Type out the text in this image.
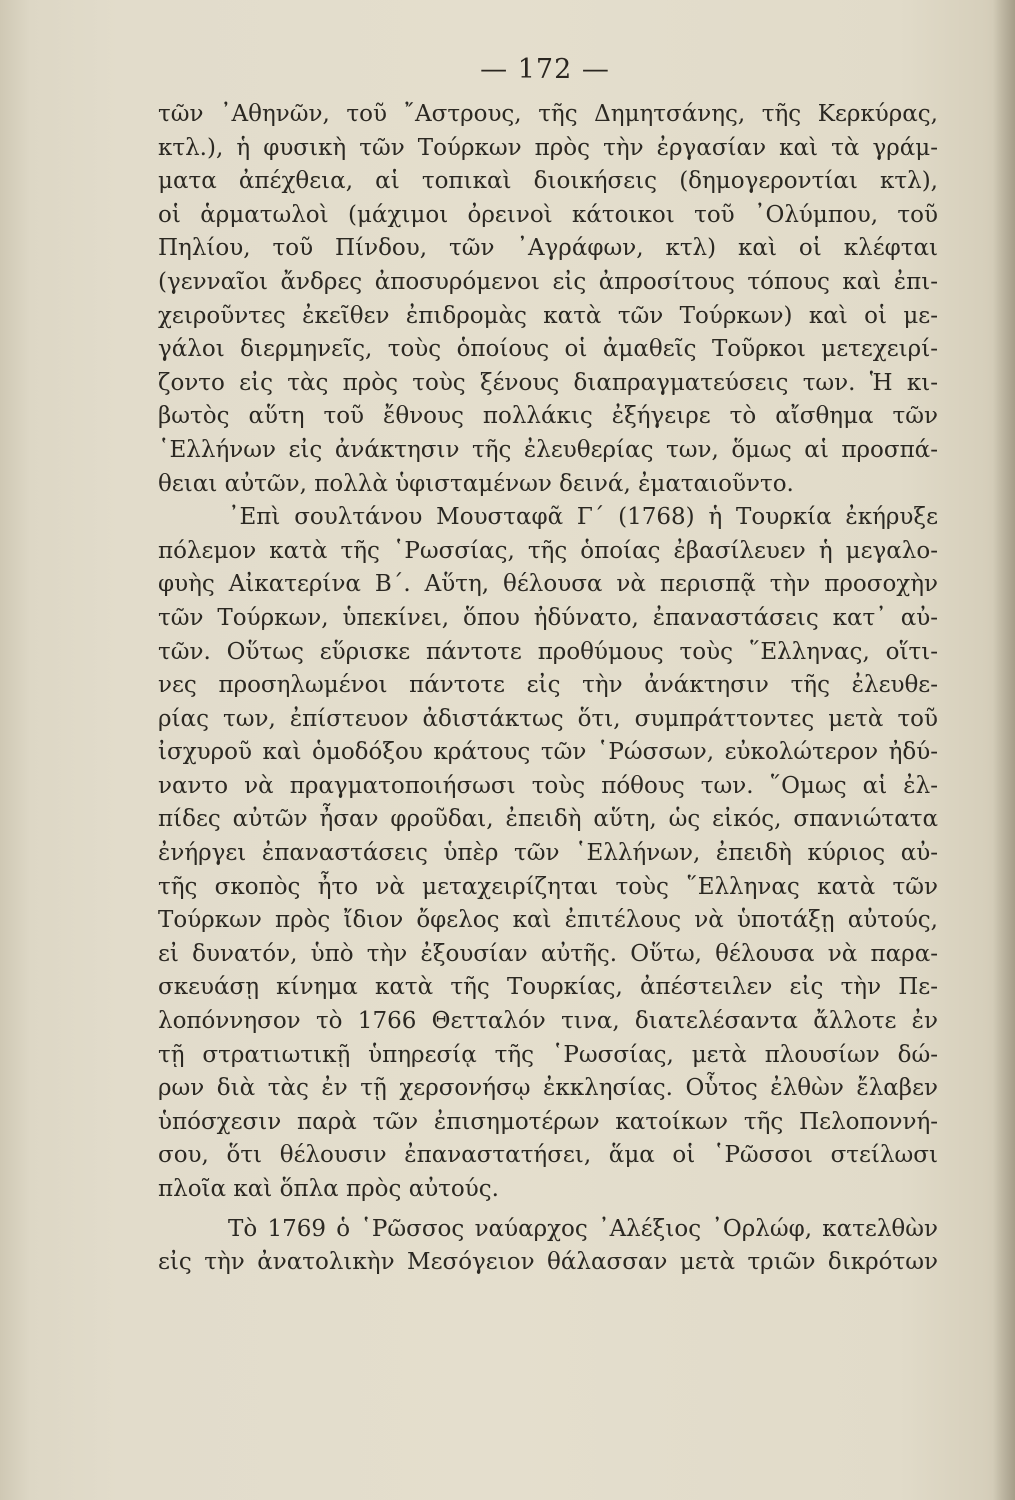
— 172 —
τῶν ᾿Αθηνῶν, τοῦ ῎Αστρους, τῆς Δημητσάνης, τῆς Κερκύρας,
κτλ.), ἡ φυσικὴ τῶν Τούρκων πρὸς τὴν ἐργασίαν καὶ τὰ γράμ-
ματα ἀπέχθεια, αἱ τοπικαὶ διοικήσεις (δημογεροντίαι κτλ),
οἱ ἁρματωλοὶ (μάχιμοι ὀρεινοὶ κάτοικοι τοῦ ᾿Ολύμπου, τοῦ
Πηλίου, τοῦ Πίνδου, τῶν ᾿Αγράφων, κτλ) καὶ οἱ κλέφται
(γενναῖοι ἄνδρες ἀποσυρόμενοι εἰς ἀπροσίτους τόπους καὶ ἐπι-
χειροῦντες ἐκεῖθεν ἐπιδρομὰς κατὰ τῶν Τούρκων) καὶ οἱ με-
γάλοι διερμηνεῖς, τοὺς ὁποίους οἱ ἀμαθεῖς Τοῦρκοι μετεχειρί-
ζοντο εἰς τὰς πρὸς τοὺς ξένους διαπραγματεύσεις των. Ἡ κι-
βωτὸς αὕτη τοῦ ἔθνους πολλάκις ἐξήγειρε τὸ αἴσθημα τῶν
῾Ελλήνων εἰς ἀνάκτησιν τῆς ἐλευθερίας των, ὅμως αἱ προσπά-
θειαι αὐτῶν, πολλὰ ὑφισταμένων δεινά, ἐματαιοῦντο.
᾿Επὶ σουλτάνου Μουσταφᾶ Γ΄ (1768) ἡ Τουρκία ἐκήρυξε
πόλεμον κατὰ τῆς ῾Ρωσσίας, τῆς ὁποίας ἐβασίλευεν ἡ μεγαλο-
φυὴς Αἰκατερίνα Β΄. Αὕτη, θέλουσα νὰ περισπᾷ τὴν προσοχὴν
τῶν Τούρκων, ὑπεκίνει, ὅπου ἠδύνατο, ἐπαναστάσεις κατ᾿ αὐ-
τῶν. Οὕτως εὕρισκε πάντοτε προθύμους τοὺς ῞Ελληνας, οἵτι-
νες προσηλωμένοι πάντοτε εἰς τὴν ἀνάκτησιν τῆς ἐλευθε-
ρίας των, ἐπίστευον ἀδιστάκτως ὅτι, συμπράττοντες μετὰ τοῦ
ἰσχυροῦ καὶ ὁμοδόξου κράτους τῶν ῾Ρώσσων, εὐκολώτερον ἠδύ-
ναντο νὰ πραγματοποιήσωσι τοὺς πόθους των. ῞Ομως αἱ ἐλ-
πίδες αὐτῶν ἦσαν φροῦδαι, ἐπειδὴ αὕτη, ὡς εἰκός, σπανιώτατα
ἐνήργει ἐπαναστάσεις ὑπὲρ τῶν ῾Ελλήνων, ἐπειδὴ κύριος αὐ-
τῆς σκοπὸς ἦτο νὰ μεταχειρίζηται τοὺς ῞Ελληνας κατὰ τῶν
Τούρκων πρὸς ἴδιον ὄφελος καὶ ἐπιτέλους νὰ ὑποτάξῃ αὐτούς,
εἰ δυνατόν, ὑπὸ τὴν ἐξουσίαν αὐτῆς. Οὕτω, θέλουσα νὰ παρα-
σκευάσῃ κίνημα κατὰ τῆς Τουρκίας, ἀπέστειλεν εἰς τὴν Πε-
λοπόννησον τὸ 1766 Θετταλόν τινα, διατελέσαντα ἄλλοτε ἐν
τῇ στρατιωτικῇ ὑπηρεσίᾳ τῆς ῾Ρωσσίας, μετὰ πλουσίων δώ-
ρων διὰ τὰς ἐν τῇ χερσονήσῳ ἐκκλησίας. Οὗτος ἐλθὼν ἔλαβεν
ὑπόσχεσιν παρὰ τῶν ἐπισημοτέρων κατοίκων τῆς Πελοποννή-
σου, ὅτι θέλουσιν ἐπαναστατήσει, ἅμα οἱ ῾Ρῶσσοι στείλωσι
πλοῖα καὶ ὅπλα πρὸς αὐτούς.
Τὸ 1769 ὁ ῾Ρῶσσος ναύαρχος ᾿Αλέξιος ᾿Ορλώφ, κατελθὼν
εἰς τὴν ἀνατολικὴν Μεσόγειον θάλασσαν μετὰ τριῶν δικρότων
